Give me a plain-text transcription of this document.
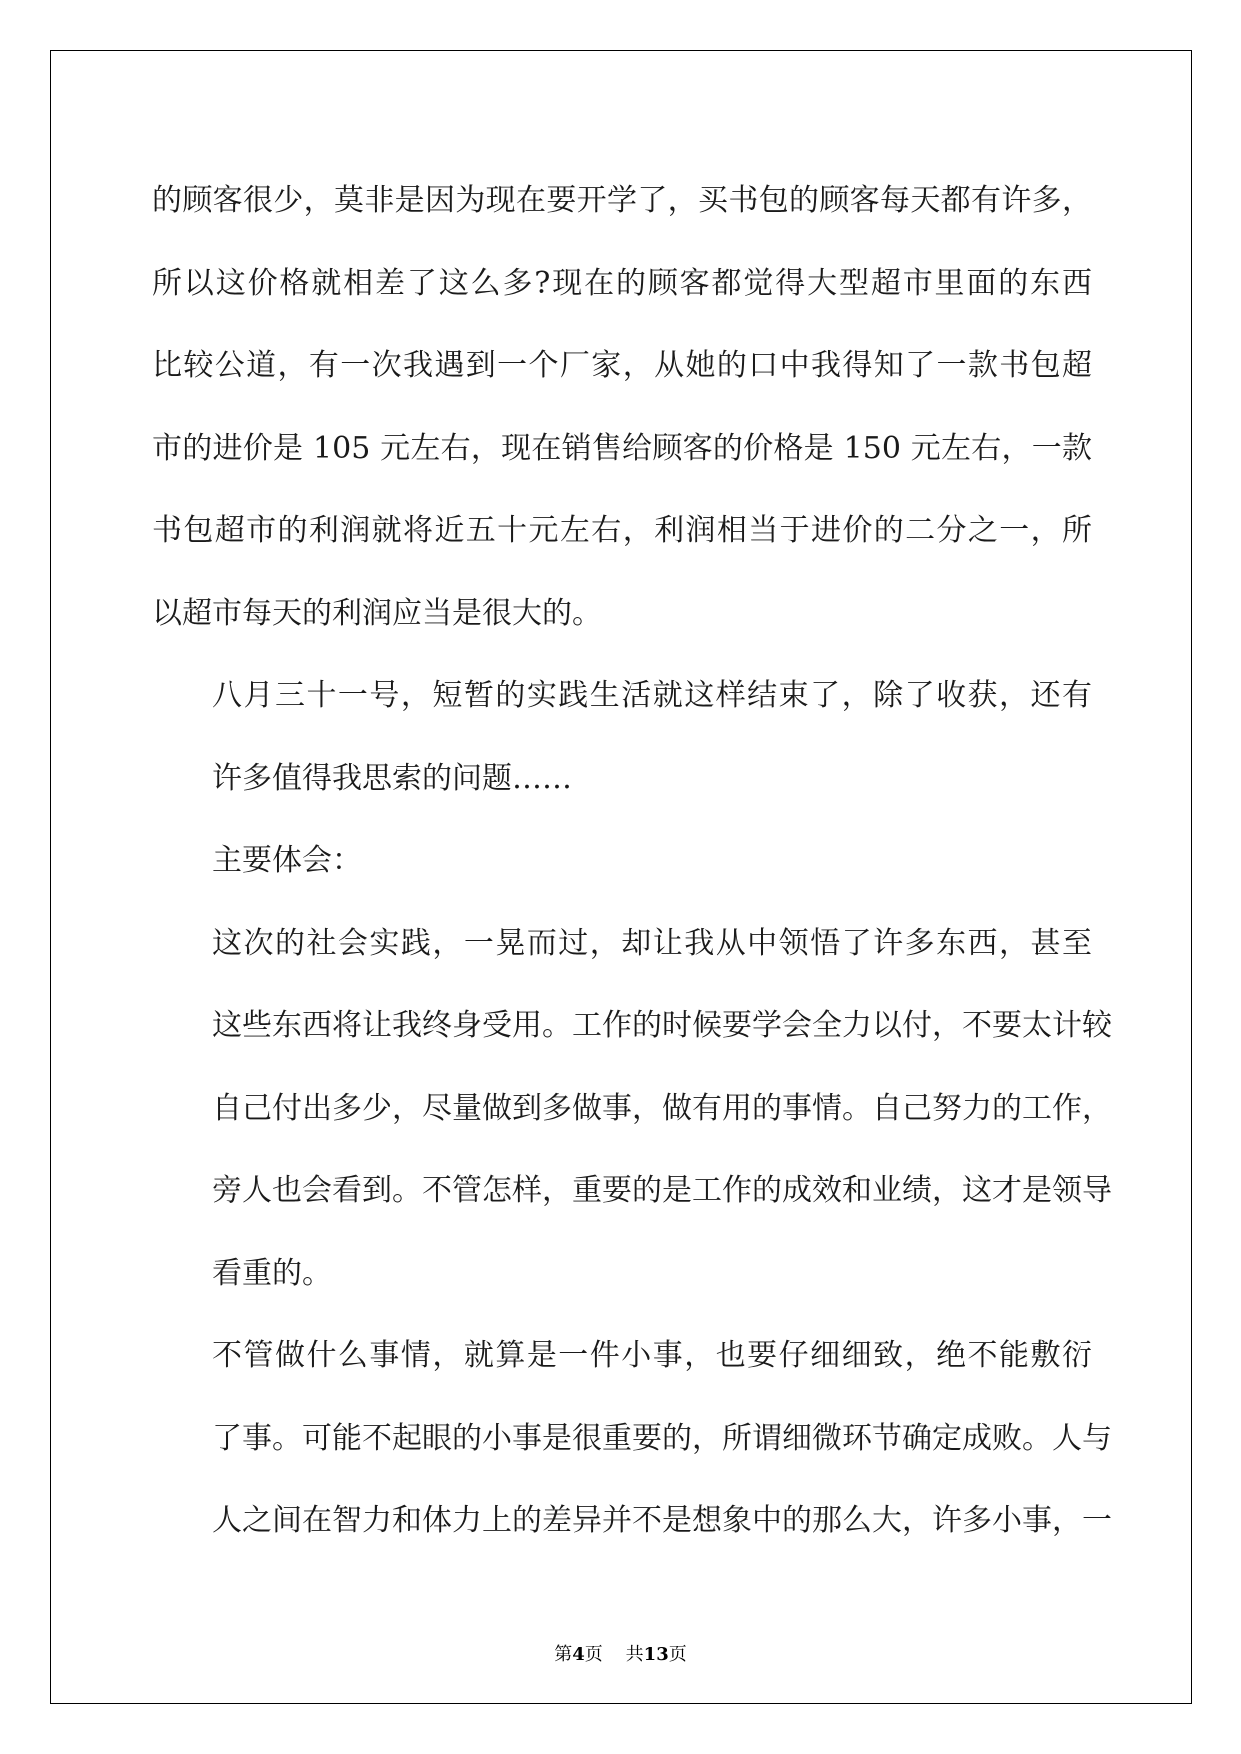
的顾客很少，莫非是因为现在要开学了，买书包的顾客每天都有许多，
所以这价格就相差了这么多?现在的顾客都觉得大型超市里面的东西
比较公道，有一次我遇到一个厂家，从她的口中我得知了一款书包超
市的进价是 105 元左右，现在销售给顾客的价格是 150 元左右，一款
书包超市的利润就将近五十元左右，利润相当于进价的二分之一，所
以超市每天的利润应当是很大的。

八月三十一号，短暂的实践生活就这样结束了，除了收获，还有
许多值得我思索的问题……

主要体会：

这次的社会实践，一晃而过，却让我从中领悟了许多东西，甚至
这些东西将让我终身受用。工作的时候要学会全力以付，不要太计较
自己付出多少，尽量做到多做事，做有用的事情。自己努力的工作，
旁人也会看到。不管怎样，重要的是工作的成效和业绩，这才是领导
看重的。

不管做什么事情，就算是一件小事，也要仔细细致，绝不能敷衍
了事。可能不起眼的小事是很重要的，所谓细微环节确定成败。人与
人之间在智力和体力上的差异并不是想象中的那么大，许多小事，一

第4页 共13页
